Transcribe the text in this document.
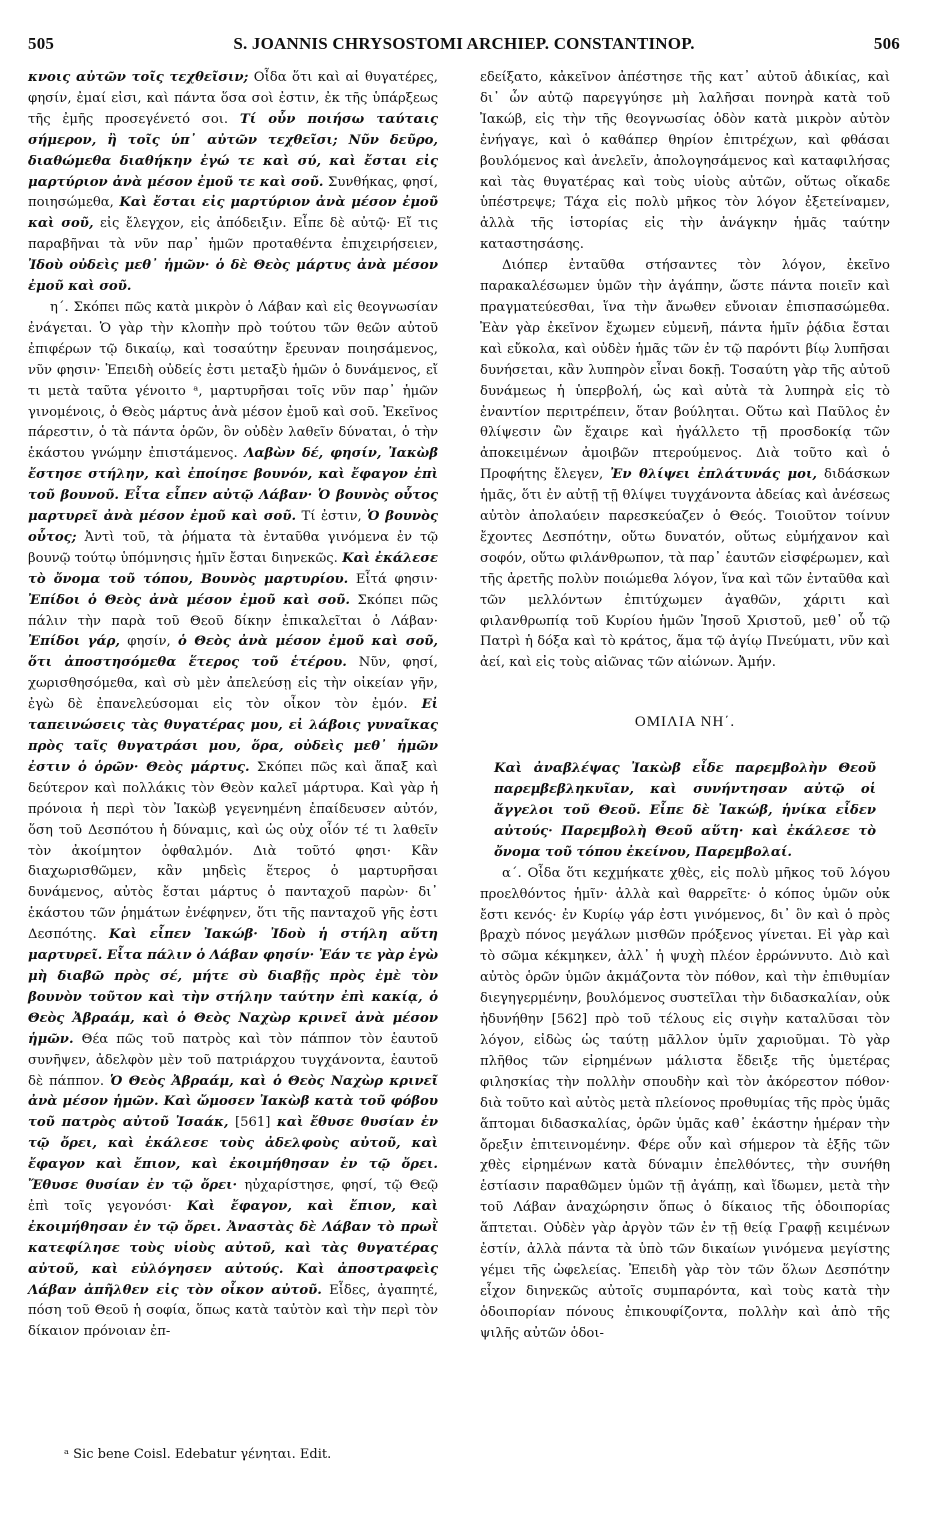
505	S. JOANNIS CHRYSOSTOMI ARCHIEP. CONSTANTINOP.	506

κνοις αὐτῶν τοῖς τεχθεῖσιν; Οἶδα ὅτι καὶ αἱ θυγατέρες, φησίν, ἐμαί εἰσι, καὶ πάντα ὅσα σοὶ ἐστιν, ἐκ τῆς ὑπάρξεως τῆς ἐμῆς προσεγένετό σοι. Τί οὖν ποιήσω ταύταις σήμερον, ἢ τοῖς ὑπ᾽ αὐτῶν τεχθεῖσι; Νῦν δεῦρο, διαθώμεθα διαθήκην ἐγώ τε καὶ σύ, καὶ ἔσται εἰς μαρτύριον ἀνὰ μέσον ἐμοῦ τε καὶ σοῦ. Συνθήκας, φησί, ποιησώμεθα, Καὶ ἔσται εἰς μαρτύριον ἀνὰ μέσον ἐμοῦ καὶ σοῦ, εἰς ἔλεγχον, εἰς ἀπόδειξιν. Εἶπε δὲ αὐτῷ· Εἴ τις παραβῆναι τὰ νῦν παρ᾽ ἡμῶν προταθέντα ἐπιχειρήσειεν, Ἰδοὺ οὐδεὶς μεθ᾽ ἡμῶν· ὁ δὲ Θεὸς μάρτυς ἀνὰ μέσον ἐμοῦ καὶ σοῦ.

η΄. Σκόπει πῶς κατὰ μικρὸν ὁ Λάβαν καὶ εἰς θεογνωσίαν ἐνάγεται. Ὁ γὰρ τὴν κλοπὴν πρὸ τούτου τῶν θεῶν αὐτοῦ ἐπιφέρων τῷ δικαίῳ, καὶ τοσαύτην ἔρευναν ποιησάμενος, νῦν φησιν· Ἐπειδὴ οὐδείς ἐστι μεταξὺ ἡμῶν ὁ δυνάμενος, εἴ τι μετὰ ταῦτα γένοιτο ᵃ, μαρτυρῆσαι τοῖς νῦν παρ᾽ ἡμῶν γινομένοις, ὁ Θεὸς μάρτυς ἀνὰ μέσον ἐμοῦ καὶ σοῦ. Ἐκεῖνος πάρεστιν, ὁ τὰ πάντα ὁρῶν, ὃν οὐδὲν λαθεῖν δύναται, ὁ τὴν ἑκάστου γνώμην ἐπιστάμενος. Λαβὼν δέ, φησίν, Ἰακὼβ ἔστησε στήλην, καὶ ἐποίησε βουνόν, καὶ ἔφαγον ἐπὶ τοῦ βουνοῦ. Εἶτα εἶπεν αὐτῷ Λάβαν· Ὁ βουνὸς οὗτος μαρτυρεῖ ἀνὰ μέσον ἐμοῦ καὶ σοῦ. Τί ἐστιν, Ὁ βουνὸς οὗτος; Ἀντὶ τοῦ, τὰ ῥήματα τὰ ἐνταῦθα γινόμενα ἐν τῷ βουνῷ τούτῳ ὑπόμνησις ἡμῖν ἔσται διηνεκῶς. Καὶ ἐκάλεσε τὸ ὄνομα τοῦ τόπου, Βουνὸς μαρτυρίου. Εἶτά φησιν· Ἐπίδοι ὁ Θεὸς ἀνὰ μέσον ἐμοῦ καὶ σοῦ. Σκόπει πῶς πάλιν τὴν παρὰ τοῦ Θεοῦ δίκην ἐπικαλεῖται ὁ Λάβαν· Ἐπίδοι γάρ, φησίν, ὁ Θεὸς ἀνὰ μέσον ἐμοῦ καὶ σοῦ, ὅτι ἀποστησόμεθα ἕτερος τοῦ ἑτέρου. Νῦν, φησί, χωρισθησόμεθα, καὶ σὺ μὲν ἀπελεύσῃ εἰς τὴν οἰκείαν γῆν, ἐγὼ δὲ ἐπανελεύσομαι εἰς τὸν οἶκον τὸν ἐμόν. Εἰ ταπεινώσεις τὰς θυγατέρας μου, εἰ λάβοις γυναῖκας πρὸς ταῖς θυγατράσι μου, ὅρα, οὐδεὶς μεθ᾽ ἡμῶν ἐστιν ὁ ὁρῶν· Θεὸς μάρτυς. Σκόπει πῶς καὶ ἅπαξ καὶ δεύτερον καὶ πολλάκις τὸν Θεὸν καλεῖ μάρτυρα. Καὶ γὰρ ἡ πρόνοια ἡ περὶ τὸν Ἰακὼβ γεγενημένη ἐπαίδευσεν αὐτόν, ὅση τοῦ Δεσπότου ἡ δύναμις, καὶ ὡς οὐχ οἷόν τέ τι λαθεῖν τὸν ἀκοίμητον ὀφθαλμόν. Διὰ τοῦτό φησι· Κἂν διαχωρισθῶμεν, κἂν μηδεὶς ἕτερος ὁ μαρτυρῆσαι δυνάμενος, αὐτὸς ἔσται μάρτυς ὁ πανταχοῦ παρὼν· δι᾽ ἑκάστου τῶν ῥημάτων ἐνέφηνεν, ὅτι τῆς πανταχοῦ γῆς ἐστι Δεσπότης. Καὶ εἶπεν Ἰακώβ· Ἰδοὺ ἡ στήλη αὕτη μαρτυρεῖ. Εἶτα πάλιν ὁ Λάβαν φησίν· Ἐάν τε γὰρ ἐγὼ μὴ διαβῶ πρὸς σέ, μήτε σὺ διαβῇς πρὸς ἐμὲ τὸν βουνὸν τοῦτον καὶ τὴν στήλην ταύτην ἐπὶ κακίᾳ, ὁ Θεὸς Ἀβραάμ, καὶ ὁ Θεὸς Ναχὼρ κρινεῖ ἀνὰ μέσον ἡμῶν. Θέα πῶς τοῦ πατρὸς καὶ τὸν πάππον τὸν ἑαυτοῦ συνῆψεν, ἀδελφὸν μὲν τοῦ πατριάρχου τυγχάνοντα, ἑαυτοῦ δὲ πάππον. Ὁ Θεὸς Ἀβραάμ, καὶ ὁ Θεὸς Ναχὼρ κρινεῖ ἀνὰ μέσον ἡμῶν. Καὶ ὤμοσεν Ἰακὼβ κατὰ τοῦ φόβου τοῦ πατρὸς αὐτοῦ Ἰσαάκ, [561] καὶ ἔθυσε θυσίαν ἐν τῷ ὄρει, καὶ ἐκάλεσε τοὺς ἀδελφοὺς αὐτοῦ, καὶ ἔφαγον καὶ ἔπιον, καὶ ἐκοιμήθησαν ἐν τῷ ὄρει. Ἔθυσε θυσίαν ἐν τῷ ὄρει· ηὐχαρίστησε, φησί, τῷ Θεῷ ἐπὶ τοῖς γεγονόσι· Καὶ ἔφαγον, καὶ ἔπιον, καὶ ἐκοιμήθησαν ἐν τῷ ὄρει. Ἀναστὰς δὲ Λάβαν τὸ πρωῒ κατεφίλησε τοὺς υἱοὺς αὐτοῦ, καὶ τὰς θυγατέρας αὐτοῦ, καὶ εὐλόγησεν αὐτούς. Καὶ ἀποστραφεὶς Λάβαν ἀπῆλθεν εἰς τὸν οἶκον αὐτοῦ. Εἶδες, ἀγαπητέ, πόση τοῦ Θεοῦ ἡ σοφία, ὅπως κατὰ ταὐτὸν καὶ τὴν περὶ τὸν δίκαιον πρόνοιαν ἐπ-

ᵃ Sic bene Coisl. Edebatur γένηται. Edit.

εδείξατο, κἀκεῖνον ἀπέστησε τῆς κατ᾽ αὐτοῦ ἀδικίας, καὶ δι᾽ ὧν αὐτῷ παρεγγύησε μὴ λαλῆσαι πονηρὰ κατὰ τοῦ Ἰακώβ, εἰς τὴν τῆς θεογνωσίας ὁδὸν κατὰ μικρὸν αὐτὸν ἐνήγαγε, καὶ ὁ καθάπερ θηρίον ἐπιτρέχων, καὶ φθάσαι βουλόμενος καὶ ἀνελεῖν, ἀπολογησάμενος καὶ καταφιλήσας καὶ τὰς θυγατέρας καὶ τοὺς υἱοὺς αὐτῶν, οὕτως οἴκαδε ὑπέστρεψε; Τάχα εἰς πολὺ μῆκος τὸν λόγον ἐξετείναμεν, ἀλλὰ τῆς ἱστορίας εἰς τὴν ἀνάγκην ἡμᾶς ταύτην καταστησάσης.

Διόπερ ἐνταῦθα στήσαντες τὸν λόγον, ἐκεῖνο παρακαλέσωμεν ὑμῶν τὴν ἀγάπην, ὥστε πάντα ποιεῖν καὶ πραγματεύεσθαι, ἵνα τὴν ἄνωθεν εὔνοιαν ἐπισπασώμεθα. Ἐὰν γὰρ ἐκεῖνον ἔχωμεν εὐμενῆ, πάντα ἡμῖν ῥᾴδια ἔσται καὶ εὔκολα, καὶ οὐδὲν ἡμᾶς τῶν ἐν τῷ παρόντι βίῳ λυπῆσαι δυνήσεται, κἂν λυπηρὸν εἶναι δοκῇ. Τοσαύτη γὰρ τῆς αὐτοῦ δυνάμεως ἡ ὑπερβολή, ὡς καὶ αὐτὰ τὰ λυπηρὰ εἰς τὸ ἐναντίον περιτρέπειν, ὅταν βούληται. Οὕτω καὶ Παῦλος ἐν θλίψεσιν ὢν ἔχαιρε καὶ ἠγάλλετο τῇ προσδοκίᾳ τῶν ἀποκειμένων ἀμοιβῶν πτερούμενος. Διὰ τοῦτο καὶ ὁ Προφήτης ἔλεγεν, Ἐν θλίψει ἐπλάτυνάς μοι, διδάσκων ἡμᾶς, ὅτι ἐν αὐτῇ τῇ θλίψει τυγχάνοντα ἀδείας καὶ ἀνέσεως αὐτὸν ἀπολαύειν παρεσκεύαζεν ὁ Θεός. Τοιοῦτον τοίνυν ἔχοντες Δεσπότην, οὕτω δυνατόν, οὕτως εὐμήχανον καὶ σοφόν, οὕτω φιλάνθρωπον, τὰ παρ᾽ ἑαυτῶν εἰσφέρωμεν, καὶ τῆς ἀρετῆς πολὺν ποιώμεθα λόγον, ἵνα καὶ τῶν ἐνταῦθα καὶ τῶν μελλόντων ἐπιτύχωμεν ἀγαθῶν, χάριτι καὶ φιλανθρωπίᾳ τοῦ Κυρίου ἡμῶν Ἰησοῦ Χριστοῦ, μεθ᾽ οὗ τῷ Πατρὶ ἡ δόξα καὶ τὸ κράτος, ἅμα τῷ ἁγίῳ Πνεύματι, νῦν καὶ ἀεί, καὶ εἰς τοὺς αἰῶνας τῶν αἰώνων. Ἀμήν.

ΟΜΙΛΙΑ ΝΗ΄.

Καὶ ἀναβλέψας Ἰακὼβ εἶδε παρεμβολὴν Θεοῦ παρεμβεβληκυῖαν, καὶ συνήντησαν αὐτῷ οἱ ἄγγελοι τοῦ Θεοῦ. Εἶπε δὲ Ἰακώβ, ἡνίκα εἶδεν αὐτούς· Παρεμβολὴ Θεοῦ αὕτη· καὶ ἐκάλεσε τὸ ὄνομα τοῦ τόπου ἐκείνου, Παρεμβολαί.

α΄. Οἶδα ὅτι κεχμήκατε χθὲς, εἰς πολὺ μῆκος τοῦ λόγου προελθόντος ἡμῖν· ἀλλὰ καὶ θαρρεῖτε· ὁ κόπος ὑμῶν οὐκ ἔστι κενός· ἐν Κυρίῳ γάρ ἐστι γινόμενος, δι᾽ ὃν καὶ ὁ πρὸς βραχὺ πόνος μεγάλων μισθῶν πρόξενος γίνεται. Εἰ γὰρ καὶ τὸ σῶμα κέκμηκεν, ἀλλ᾽ ἡ ψυχὴ πλέον ἐρρώννυτο. Διὸ καὶ αὐτὸς ὁρῶν ὑμῶν ἀκμάζοντα τὸν πόθον, καὶ τὴν ἐπιθυμίαν διεγηγερμένην, βουλόμενος συστεῖλαι τὴν διδασκαλίαν, οὐκ ἠδυνήθην [562] πρὸ τοῦ τέλους εἰς σιγὴν καταλῦσαι τὸν λόγον, εἰδὼς ὡς ταύτῃ μᾶλλον ὑμῖν χαριοῦμαι. Τὸ γὰρ πλῆθος τῶν εἰρημένων μάλιστα ἔδειξε τῆς ὑμετέρας φιλησκίας τὴν πολλὴν σπουδὴν καὶ τὸν ἀκόρεστον πόθον· διὰ τοῦτο καὶ αὐτὸς μετὰ πλείονος προθυμίας τῆς πρὸς ὑμᾶς ἅπτομαι διδασκαλίας, ὁρῶν ὑμᾶς καθ᾽ ἑκάστην ἡμέραν τὴν ὄρεξιν ἐπιτεινομένην. Φέρε οὖν καὶ σήμερον τὰ ἑξῆς τῶν χθὲς εἰρημένων κατὰ δύναμιν ἐπελθόντες, τὴν συνήθη ἑστίασιν παραθῶμεν ὑμῶν τῇ ἀγάπῃ, καὶ ἴδωμεν, μετὰ τὴν τοῦ Λάβαν ἀναχώρησιν ὅπως ὁ δίκαιος τῆς ὁδοιπορίας ἅπτεται. Οὐδὲν γὰρ ἀργὸν τῶν ἐν τῇ θείᾳ Γραφῇ κειμένων ἐστίν, ἀλλὰ πάντα τὰ ὑπὸ τῶν δικαίων γινόμενα μεγίστης γέμει τῆς ὠφελείας. Ἐπειδὴ γὰρ τὸν τῶν ὅλων Δεσπότην εἶχον διηνεκῶς αὐτοῖς συμπαρόντα, καὶ τοὺς κατὰ τὴν ὁδοιπορίαν πόνους ἐπικουφίζοντα, πολλὴν καὶ ἀπὸ τῆς ψιλῆς αὐτῶν ὁδοι-
